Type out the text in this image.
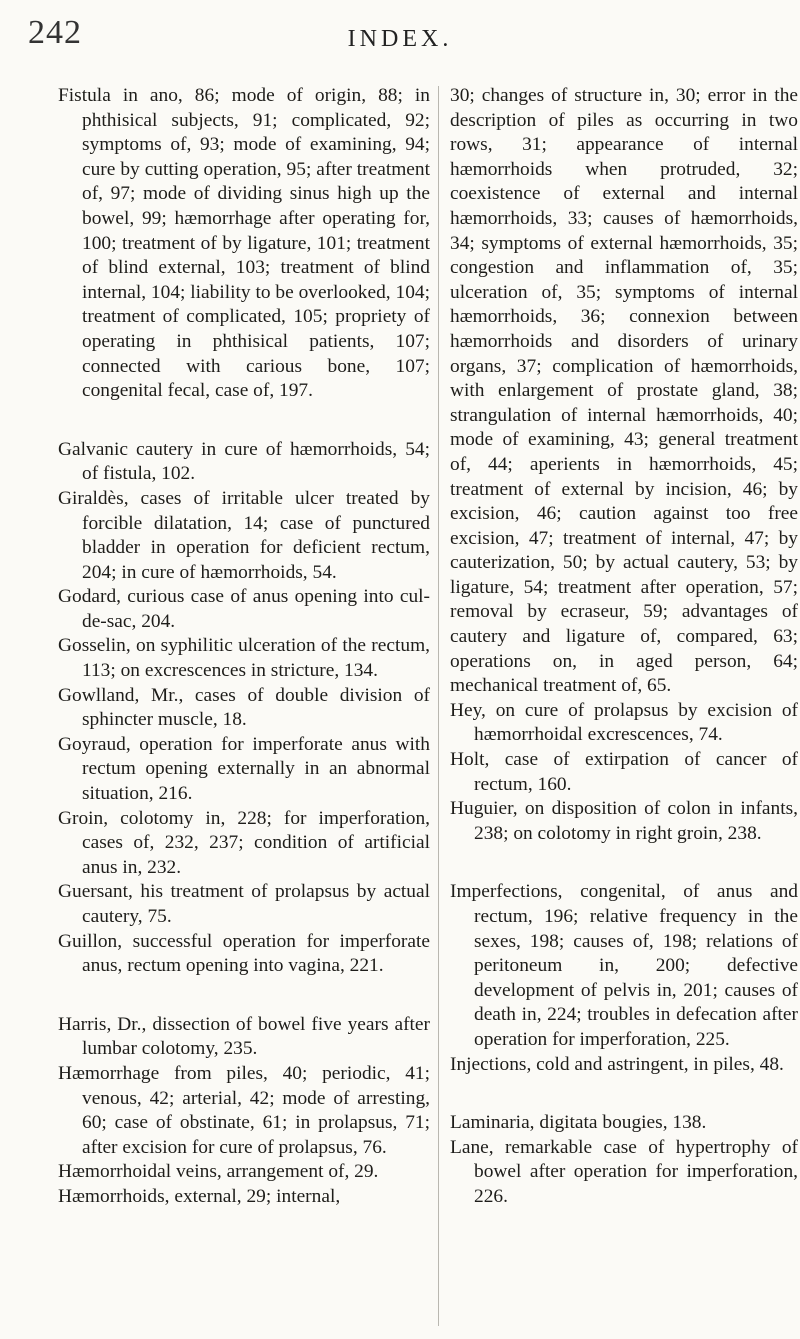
242	INDEX.

Fistula in ano, 86; mode of origin, 88; in phthisical subjects, 91; complicated, 92; symptoms of, 93; mode of examining, 94; cure by cutting operation, 95; after treatment of, 97; mode of dividing sinus high up the bowel, 99; hæmorrhage after operating for, 100; treatment of by ligature, 101; treatment of blind external, 103; treatment of blind internal, 104; liability to be overlooked, 104; treatment of complicated, 105; propriety of operating in phthisical patients, 107; connected with carious bone, 107; congenital fecal, case of, 197.

Galvanic cautery in cure of hæmorrhoids, 54; of fistula, 102.

Giraldès, cases of irritable ulcer treated by forcible dilatation, 14; case of punctured bladder in operation for deficient rectum, 204; in cure of hæmorrhoids, 54.

Godard, curious case of anus opening into cul-de-sac, 204.

Gosselin, on syphilitic ulceration of the rectum, 113; on excrescences in stricture, 134.

Gowlland, Mr., cases of double division of sphincter muscle, 18.

Goyraud, operation for imperforate anus with rectum opening externally in an abnormal situation, 216.

Groin, colotomy in, 228; for imperforation, cases of, 232, 237; condition of artificial anus in, 232.

Guersant, his treatment of prolapsus by actual cautery, 75.

Guillon, successful operation for imperforate anus, rectum opening into vagina, 221.

Harris, Dr., dissection of bowel five years after lumbar colotomy, 235.

Hæmorrhage from piles, 40; periodic, 41; venous, 42; arterial, 42; mode of arresting, 60; case of obstinate, 61; in prolapsus, 71; after excision for cure of prolapsus, 76.

Hæmorrhoidal veins, arrangement of, 29.

Hæmorrhoids, external, 29; internal,

30; changes of structure in, 30; error in the description of piles as occurring in two rows, 31; appearance of internal hæmorrhoids when protruded, 32; coexistence of external and internal hæmorrhoids, 33; causes of hæmorrhoids, 34; symptoms of external hæmorrhoids, 35; congestion and inflammation of, 35; ulceration of, 35; symptoms of internal hæmorrhoids, 36; connexion between hæmorrhoids and disorders of urinary organs, 37; complication of hæmorrhoids, with enlargement of prostate gland, 38; strangulation of internal hæmorrhoids, 40; mode of examining, 43; general treatment of, 44; aperients in hæmorrhoids, 45; treatment of external by incision, 46; by excision, 46; caution against too free excision, 47; treatment of internal, 47; by cauterization, 50; by actual cautery, 53; by ligature, 54; treatment after operation, 57; removal by ecraseur, 59; advantages of cautery and ligature of, compared, 63; operations on, in aged person, 64; mechanical treatment of, 65.

Hey, on cure of prolapsus by excision of hæmorrhoidal excrescences, 74.

Holt, case of extirpation of cancer of rectum, 160.

Huguier, on disposition of colon in infants, 238; on colotomy in right groin, 238.

Imperfections, congenital, of anus and rectum, 196; relative frequency in the sexes, 198; causes of, 198; relations of peritoneum in, 200; defective development of pelvis in, 201; causes of death in, 224; troubles in defecation after operation for imperforation, 225.

Injections, cold and astringent, in piles, 48.

Laminaria, digitata bougies, 138.

Lane, remarkable case of hypertrophy of bowel after operation for imperforation, 226.
